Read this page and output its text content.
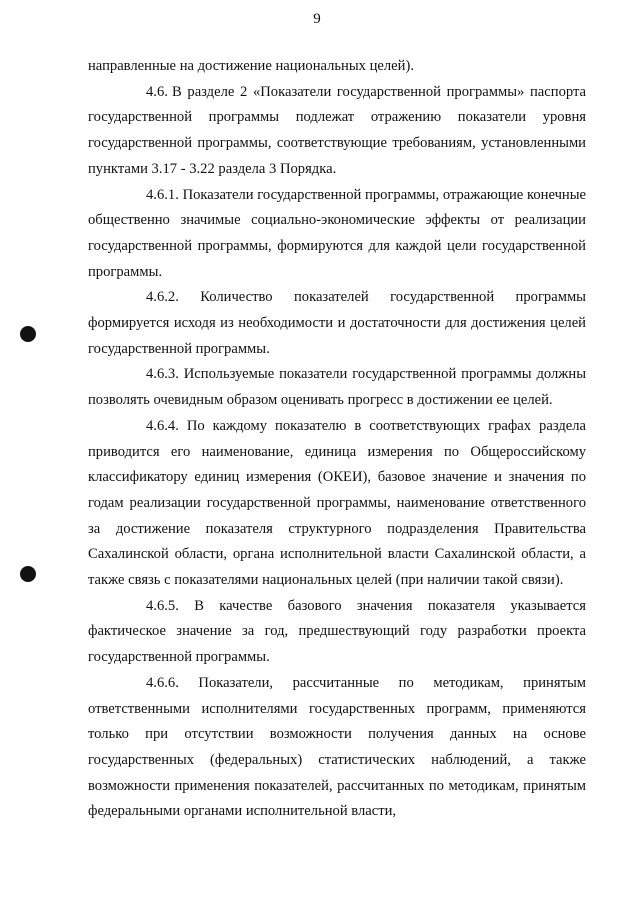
9

направленные на достижение национальных целей).

4.6. В разделе 2 «Показатели государственной программы» паспорта государственной программы подлежат отражению показатели уровня государственной программы, соответствующие требованиям, установленными пунктами 3.17 - 3.22 раздела 3 Порядка.

4.6.1. Показатели государственной программы, отражающие конечные общественно значимые социально-экономические эффекты от реализации государственной программы, формируются для каждой цели государственной программы.

4.6.2. Количество показателей государственной программы формируется исходя из необходимости и достаточности для достижения целей государственной программы.

4.6.3. Используемые показатели государственной программы должны позволять очевидным образом оценивать прогресс в достижении ее целей.

4.6.4. По каждому показателю в соответствующих графах раздела приводится его наименование, единица измерения по Общероссийскому классификатору единиц измерения (ОКЕИ), базовое значение и значения по годам реализации государственной программы, наименование ответственного за достижение показателя структурного подразделения Правительства Сахалинской области, органа исполнительной власти Сахалинской области, а также связь с показателями национальных целей (при наличии такой связи).

4.6.5. В качестве базового значения показателя указывается фактическое значение за год, предшествующий году разработки проекта государственной программы.

4.6.6. Показатели, рассчитанные по методикам, принятым ответственными исполнителями государственных программ, применяются только при отсутствии возможности получения данных на основе государственных (федеральных) статистических наблюдений, а также возможности применения показателей, рассчитанных по методикам, принятым федеральными органами исполнительной власти,
